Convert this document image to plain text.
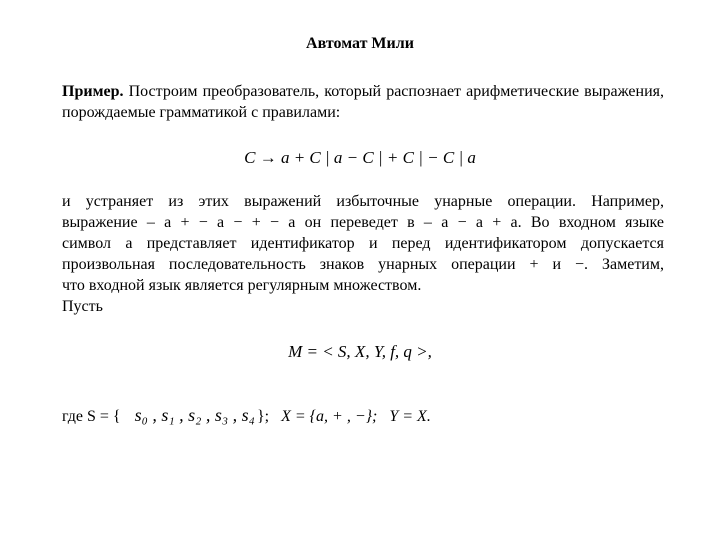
Автомат Мили
Пример. Построим преобразователь, который распознает арифметические выражения, порождаемые грамматикой с правилами:
C → a + C | a − C | + C | − C | a
и устраняет из этих выражений избыточные унарные операции. Например,
выражение – a + − a − + − a он переведет в – a − a + a. Во входном языке
символ a представляет идентификатор и перед идентификатором допускается
произвольная последовательность знаков унарных операции + и −. Заметим,
что входной язык является регулярным множеством.
Пусть
M = < S, X, Y, f, q >,
где S = { s₀ , s₁ , s₂ , s₃ , s₄ }; X = {a, + , −}; Y = X.
